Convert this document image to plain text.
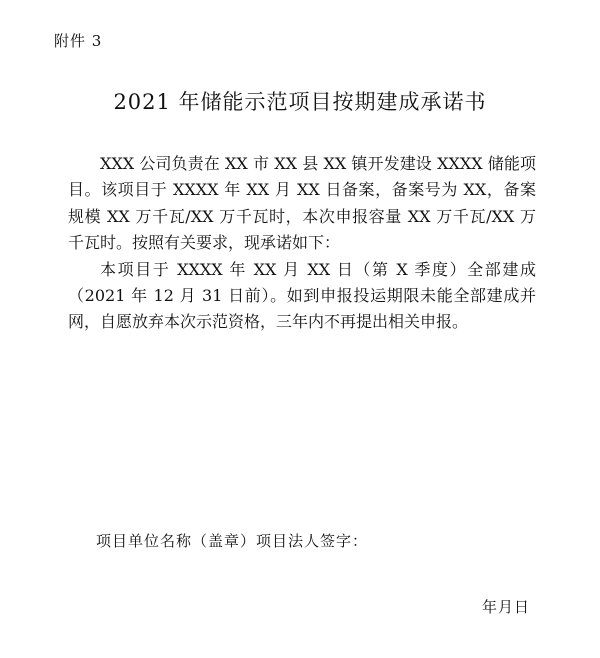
附件 3
2021 年储能示范项目按期建成承诺书

XXX 公司负责在 XX 市 XX 县 XX 镇开发建设 XXXX 储能项目。该项目于 XXXX 年 XX 月 XX 日备案，备案号为 XX，备案规模 XX 万千瓦/XX 万千瓦时，本次申报容量 XX 万千瓦/XX 万千瓦时。按照有关要求，现承诺如下：

本项目于 XXXX 年 XX 月 XX 日（第 X 季度）全部建成（2021 年 12 月 31 日前）。如到申报投运期限未能全部建成并网，自愿放弃本次示范资格，三年内不再提出相关申报。

项目单位名称（盖章）项目法人签字：
年月日
